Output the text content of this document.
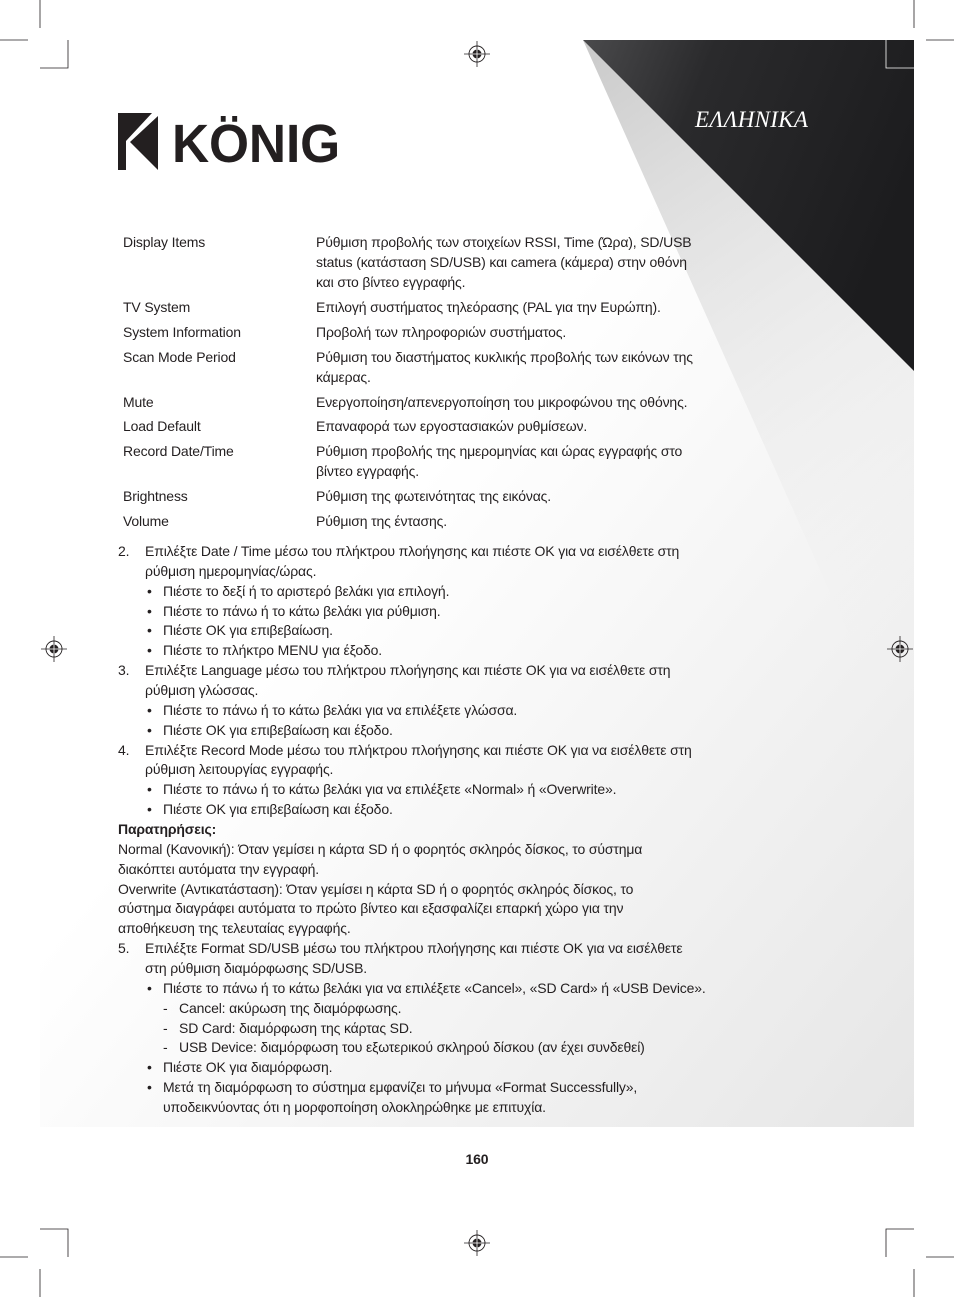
KÖNIG	ΕΛΛΗΝΙΚΑ
Display Items	Ρύθμιση προβολής των στοιχείων RSSI, Time (Ώρα), SD/USB
status (κατάσταση SD/USB) και camera (κάμερα) στην οθόνη
και στο βίντεο εγγραφής.
TV System	Επιλογή συστήματος τηλεόρασης (PAL για την Ευρώπη).
System Information	Προβολή των πληροφοριών συστήματος.
Scan Mode Period	Ρύθμιση του διαστήματος κυκλικής προβολής των εικόνων της
κάμερας.
Mute	Ενεργοποίηση/απενεργοποίηση του μικροφώνου της οθόνης.
Load Default	Επαναφορά των εργοστασιακών ρυθμίσεων.
Record Date/Time	Ρύθμιση προβολής της ημερομηνίας και ώρας εγγραφής στο
βίντεο εγγραφής.
Brightness	Ρύθμιση της φωτεινότητας της εικόνας.
Volume	Ρύθμιση της έντασης.
2.	Επιλέξτε Date / Time μέσω του πλήκτρου πλοήγησης και πιέστε OK για να εισέλθετε στη
ρύθμιση ημερομηνίας/ώρας.
• Πιέστε το δεξί ή το αριστερό βελάκι για επιλογή.
• Πιέστε το πάνω ή το κάτω βελάκι για ρύθμιση.
• Πιέστε OK για επιβεβαίωση.
• Πιέστε το πλήκτρο MENU για έξοδο.
3.	Επιλέξτε Language μέσω του πλήκτρου πλοήγησης και πιέστε OK για να εισέλθετε στη
ρύθμιση γλώσσας.
• Πιέστε το πάνω ή το κάτω βελάκι για να επιλέξετε γλώσσα.
• Πιέστε OK για επιβεβαίωση και έξοδο.
4.	Επιλέξτε Record Mode μέσω του πλήκτρου πλοήγησης και πιέστε OK για να εισέλθετε στη
ρύθμιση λειτουργίας εγγραφής.
• Πιέστε το πάνω ή το κάτω βελάκι για να επιλέξετε «Normal» ή «Overwrite».
• Πιέστε OK για επιβεβαίωση και έξοδο.
Παρατηρήσεις:
Normal (Κανονική): Όταν γεμίσει η κάρτα SD ή ο φορητός σκληρός δίσκος, το σύστημα
διακόπτει αυτόματα την εγγραφή.
Overwrite (Αντικατάσταση): Όταν γεμίσει η κάρτα SD ή ο φορητός σκληρός δίσκος, το
σύστημα διαγράφει αυτόματα το πρώτο βίντεο και εξασφαλίζει επαρκή χώρο για την
αποθήκευση της τελευταίας εγγραφής.
5.	Επιλέξτε Format SD/USB μέσω του πλήκτρου πλοήγησης και πιέστε OK για να εισέλθετε
στη ρύθμιση διαμόρφωσης SD/USB.
• Πιέστε το πάνω ή το κάτω βελάκι για να επιλέξετε «Cancel», «SD Card» ή «USB Device».
- Cancel: ακύρωση της διαμόρφωσης.
- SD Card: διαμόρφωση της κάρτας SD.
- USB Device: διαμόρφωση του εξωτερικού σκληρού δίσκου (αν έχει συνδεθεί)
• Πιέστε OK για διαμόρφωση.
• Μετά τη διαμόρφωση το σύστημα εμφανίζει το μήνυμα «Format Successfully»,
υποδεικνύοντας ότι η μορφοποίηση ολοκληρώθηκε με επιτυχία.
160
